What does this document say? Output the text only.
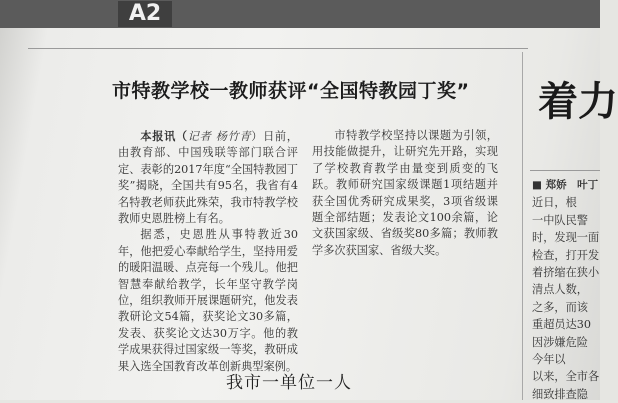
A2
市特教学校一教师获评“全国特教园丁奖”

本报讯（记者 杨竹青）日前，由教育部、中国残联等部门联合评定、表彰的2017年度“全国特教园丁奖”揭晓，全国共有95名，我省有4名特教老师获此殊荣，我市特教学校教师史恩胜榜上有名。

据悉，史恩胜从事特教近30年，他把爱心奉献给学生，坚持用爱的暖阳温暖、点亮每一个残儿。他把智慧奉献给教学，长年坚守教学岗位，组织教师开展课题研究，他发表教研论文54篇，获奖论文30多篇，发表、获奖论文达30万字。他的教学成果获得过国家级一等奖，教研成果入选全国教育改革创新典型案例。

市特教学校坚持以课题为引领，用技能做提升，让研究先开路，实现了学校教育教学由量变到质变的飞跃。教师研究国家级课题1项结题并获全国优秀研究成果奖，3项省级课题全部结题；发表论文100余篇，论文获国家级、省级奖80多篇；教师教学多次获国家、省级大奖。

我市一单位一人
着力
■ 郑娇　叶丁
近日，根
一中队民警
时，发现一面
检查，打开发
着挤缩在狭小
清点人数，
之多，而该
重超员达30
因涉嫌危险
今年以
以来，全市各
细致排查隐
